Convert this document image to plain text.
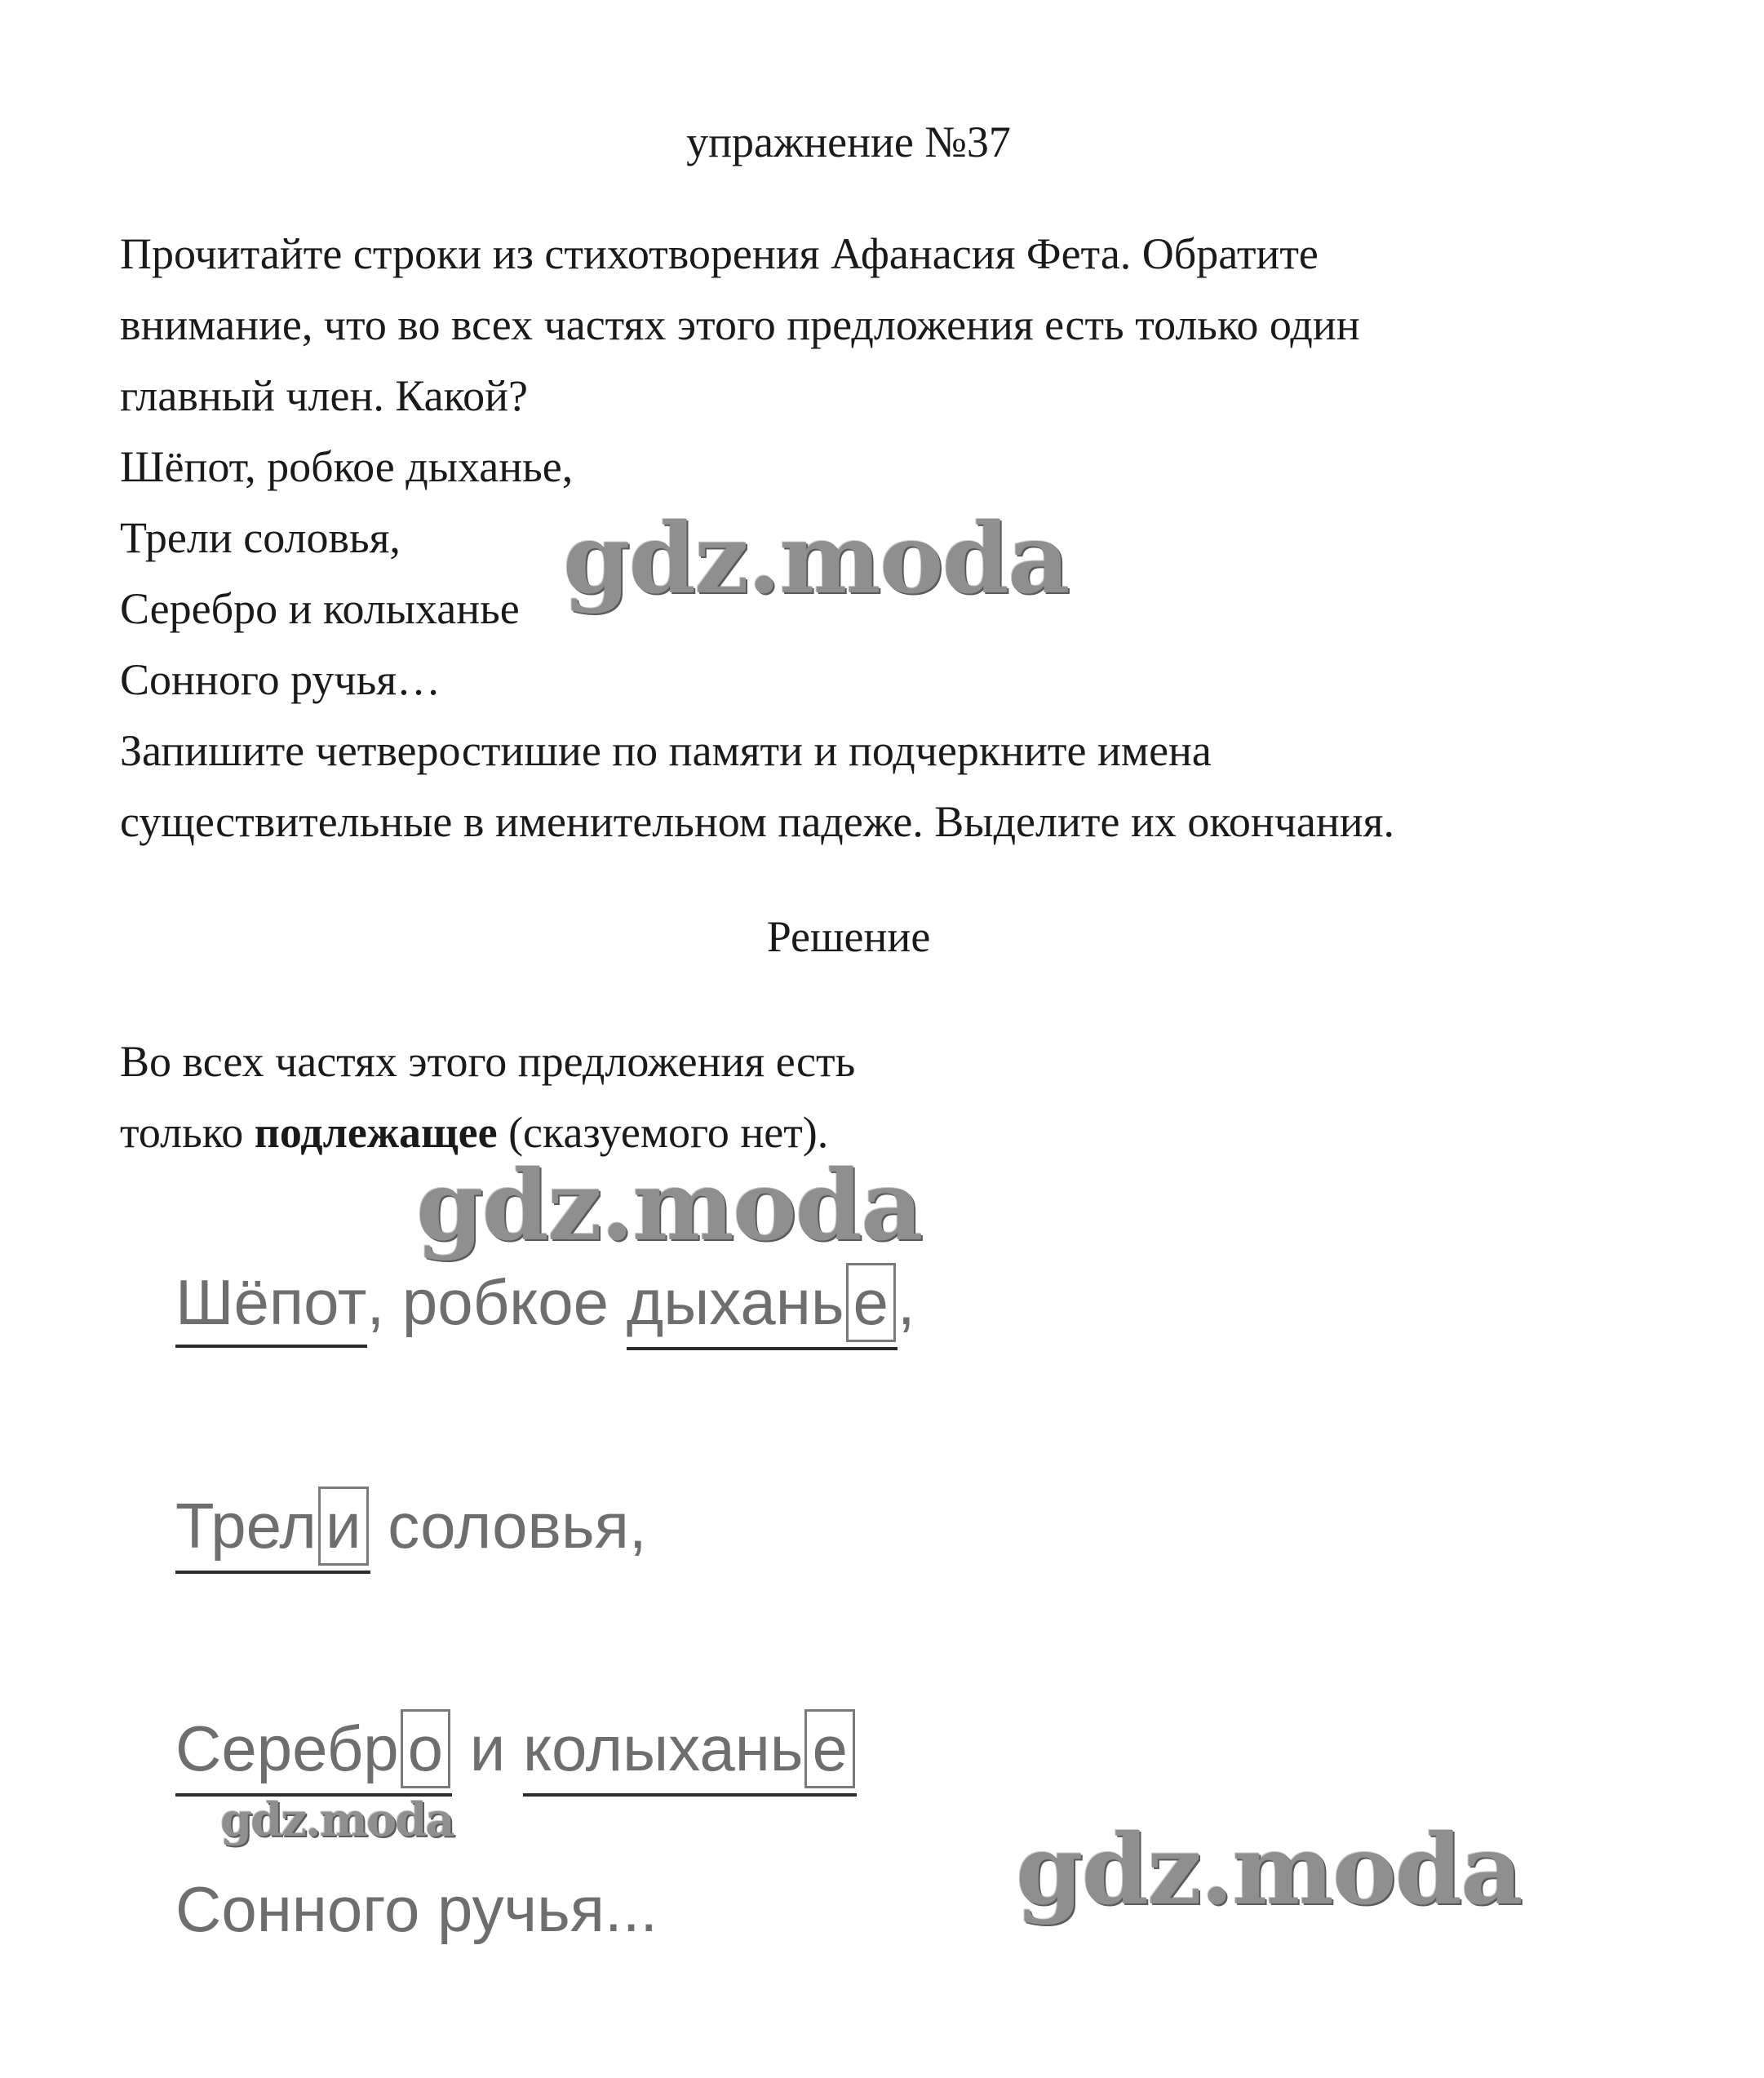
упражнение №37
Прочитайте строки из стихотворения Афанасия Фета. Обратите
внимание, что во всех частях этого предложения есть только один
главный член. Какой?
Шёпот, робкое дыханье,
Трели соловья,
Серебро и колыханье
Сонного ручья…
Запишите четверостишие по памяти и подчеркните имена
существительные в именительном падеже. Выделите их окончания.
Решение
Во всех частях этого предложения есть
только подлежащее (сказуемого нет).
Шёпот, робкое дыхань е ,
Трел и соловья,
Серебр о и колыхань е
Сонного ручья...
gdz.moda
gdz.moda
gdz.moda	gdz.moda
